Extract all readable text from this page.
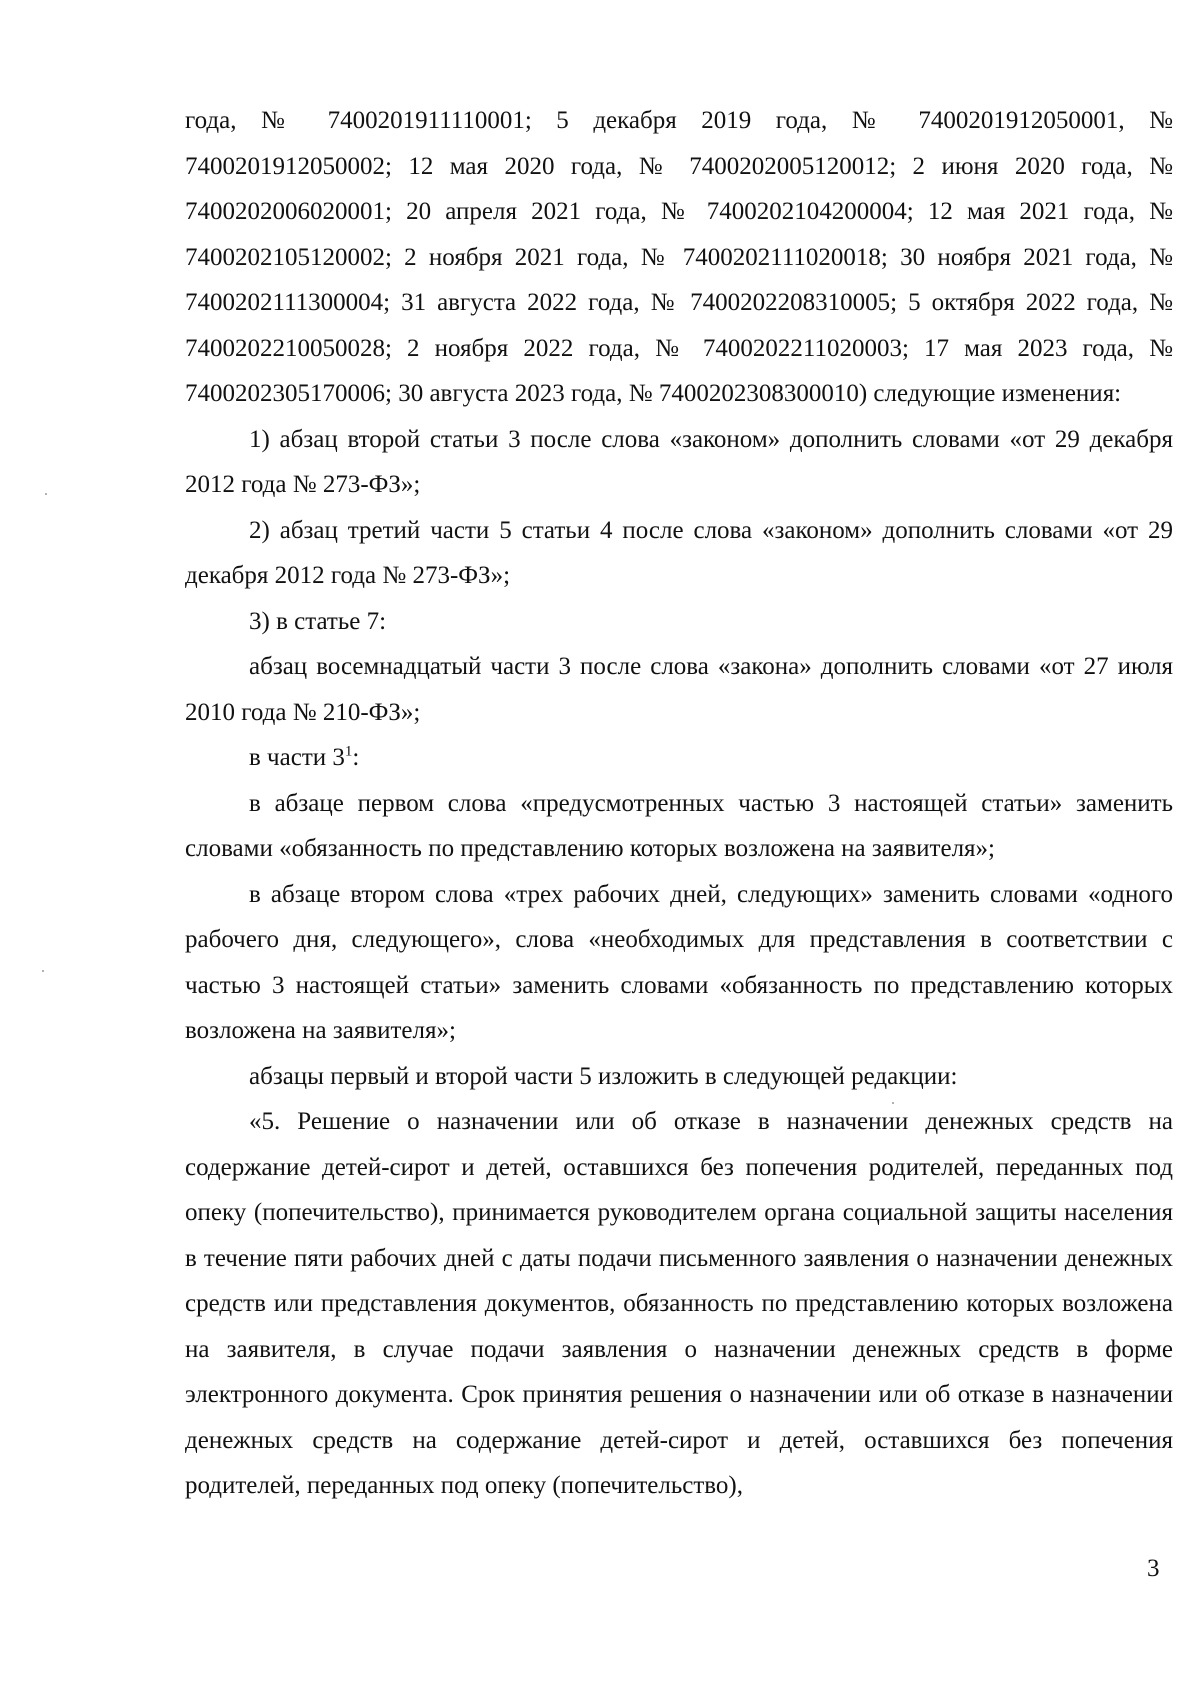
года, № 7400201911110001; 5 декабря 2019 года, № 7400201912050001, № 7400201912050002; 12 мая 2020 года, № 7400202005120012; 2 июня 2020 года, № 7400202006020001; 20 апреля 2021 года, № 7400202104200004; 12 мая 2021 года, № 7400202105120002; 2 ноября 2021 года, № 7400202111020018; 30 ноября 2021 года, № 7400202111300004; 31 августа 2022 года, № 7400202208310005; 5 октября 2022 года, № 7400202210050028; 2 ноября 2022 года, № 7400202211020003; 17 мая 2023 года, № 7400202305170006; 30 августа 2023 года, № 7400202308300010) следующие изменения:

1) абзац второй статьи 3 после слова «законом» дополнить словами «от 29 декабря 2012 года № 273-ФЗ»;

2) абзац третий части 5 статьи 4 после слова «законом» дополнить словами «от 29 декабря 2012 года № 273-ФЗ»;

3) в статье 7:

абзац восемнадцатый части 3 после слова «закона» дополнить словами «от 27 июля 2010 года № 210-ФЗ»;

в части $3^1$:

в абзаце первом слова «предусмотренных частью 3 настоящей статьи» заменить словами «обязанность по представлению которых возложена на заявителя»;

в абзаце втором слова «трех рабочих дней, следующих» заменить словами «одного рабочего дня, следующего», слова «необходимых для представления в соответствии с частью 3 настоящей статьи» заменить словами «обязанность по представлению которых возложена на заявителя»;

абзацы первый и второй части 5 изложить в следующей редакции:

«5. Решение о назначении или об отказе в назначении денежных средств на содержание детей-сирот и детей, оставшихся без попечения родителей, переданных под опеку (попечительство), принимается руководителем органа социальной защиты населения в течение пяти рабочих дней с даты подачи письменного заявления о назначении денежных средств или представления документов, обязанность по представлению которых возложена на заявителя, в случае подачи заявления о назначении денежных средств в форме электронного документа. Срок принятия решения о назначении или об отказе в назначении денежных средств на содержание детей-сирот и детей, оставшихся без попечения родителей, переданных под опеку (попечительство),

3
